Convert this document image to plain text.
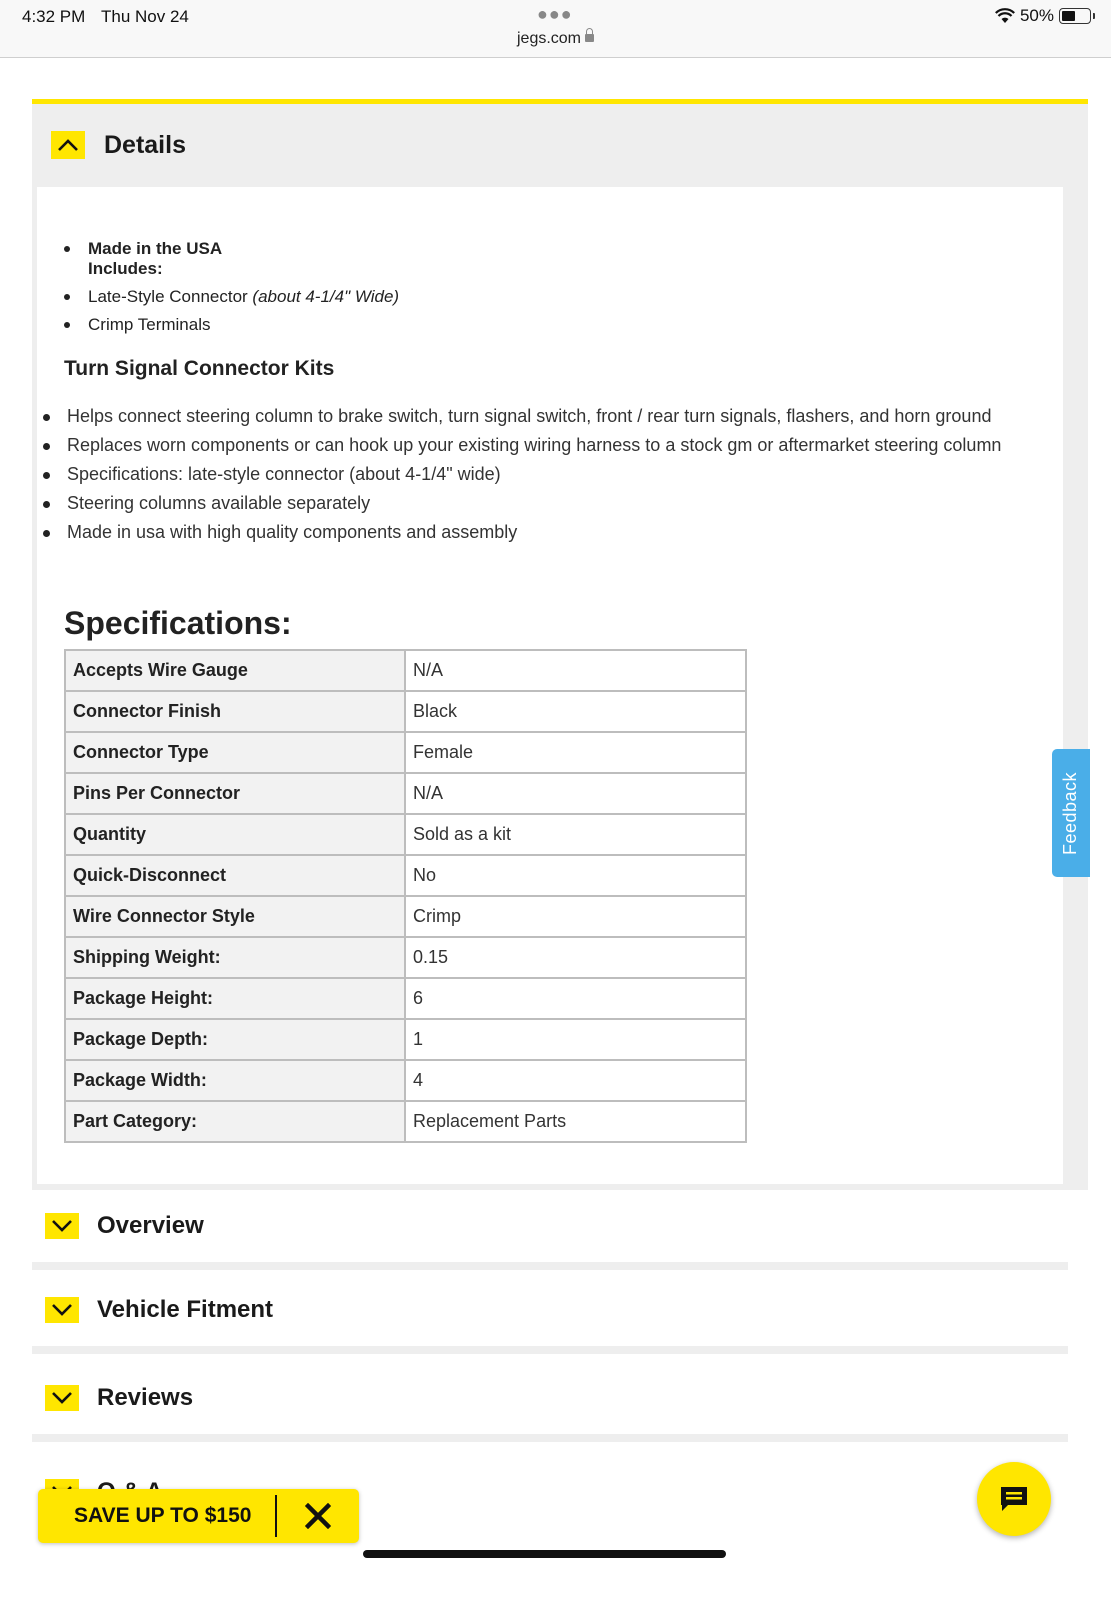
4:32 PM Thu Nov 24	●●●
jegs.com
50%
Details
Made in the USA
Includes:
Late-Style Connector (about 4-1/4" Wide)
Crimp Terminals
Turn Signal Connector Kits
Helps connect steering column to brake switch, turn signal switch, front / rear turn signals, flashers, and horn ground
Replaces worn components or can hook up your existing wiring harness to a stock gm or aftermarket steering column
Specifications: late-style connector (about 4-1/4" wide)
Steering columns available separately
Made in usa with high quality components and assembly
Specifications:
Accepts Wire Gauge	N/A
Connector Finish	Black
Connector Type	Female
Pins Per Connector	N/A
Quantity	Sold as a kit
Quick-Disconnect	No
Wire Connector Style	Crimp
Shipping Weight:	0.15
Package Height:	6
Package Depth:	1
Package Width:	4
Part Category:	Replacement Parts
Overview
Vehicle Fitment
Reviews
Feedback
SAVE UP TO $150
